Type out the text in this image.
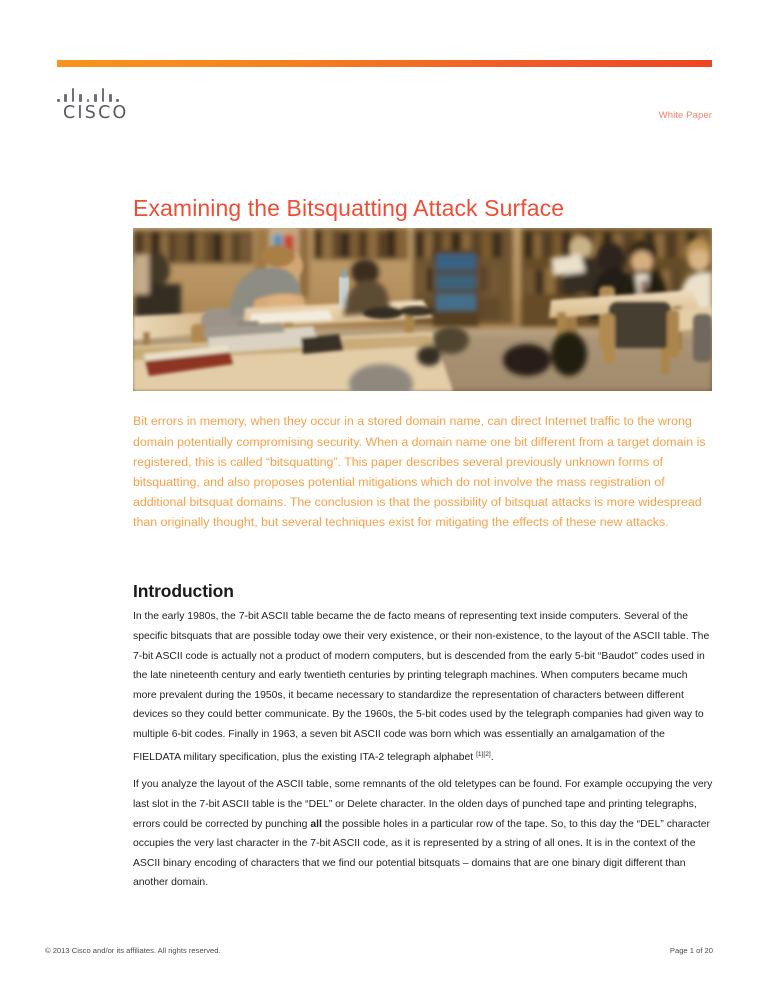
CISCO	White Paper
Examining the Bitsquatting Attack Surface

Bit errors in memory, when they occur in a stored domain name, can direct Internet traffic to the wrong domain potentially compromising security. When a domain name one bit different from a target domain is registered, this is called “bitsquatting”. This paper describes several previously unknown forms of bitsquatting, and also proposes potential mitigations which do not involve the mass registration of additional bitsquat domains. The conclusion is that the possibility of bitsquat attacks is more widespread than originally thought, but several techniques exist for mitigating the effects of these new attacks.

Introduction

In the early 1980s, the 7-bit ASCII table became the de facto means of representing text inside computers. Several of the specific bitsquats that are possible today owe their very existence, or their non-existence, to the layout of the ASCII table. The 7-bit ASCII code is actually not a product of modern computers, but is descended from the early 5-bit “Baudot” codes used in the late nineteenth century and early twentieth centuries by printing telegraph machines. When computers became much more prevalent during the 1950s, it became necessary to standardize the representation of characters between different devices so they could better communicate. By the 1960s, the 5-bit codes used by the telegraph companies had given way to multiple 6-bit codes. Finally in 1963, a seven bit ASCII code was born which was essentially an amalgamation of the FIELDATA military specification, plus the existing ITA-2 telegraph alphabet [1][2].

If you analyze the layout of the ASCII table, some remnants of the old teletypes can be found. For example occupying the very last slot in the 7-bit ASCII table is the “DEL” or Delete character. In the olden days of punched tape and printing telegraphs, errors could be corrected by punching all the possible holes in a particular row of the tape. So, to this day the “DEL” character occupies the very last character in the 7-bit ASCII code, as it is represented by a string of all ones. It is in the context of the ASCII binary encoding of characters that we find our potential bitsquats – domains that are one binary digit different than another domain.

© 2013 Cisco and/or its affiliates. All rights reserved.	Page 1 of 20
